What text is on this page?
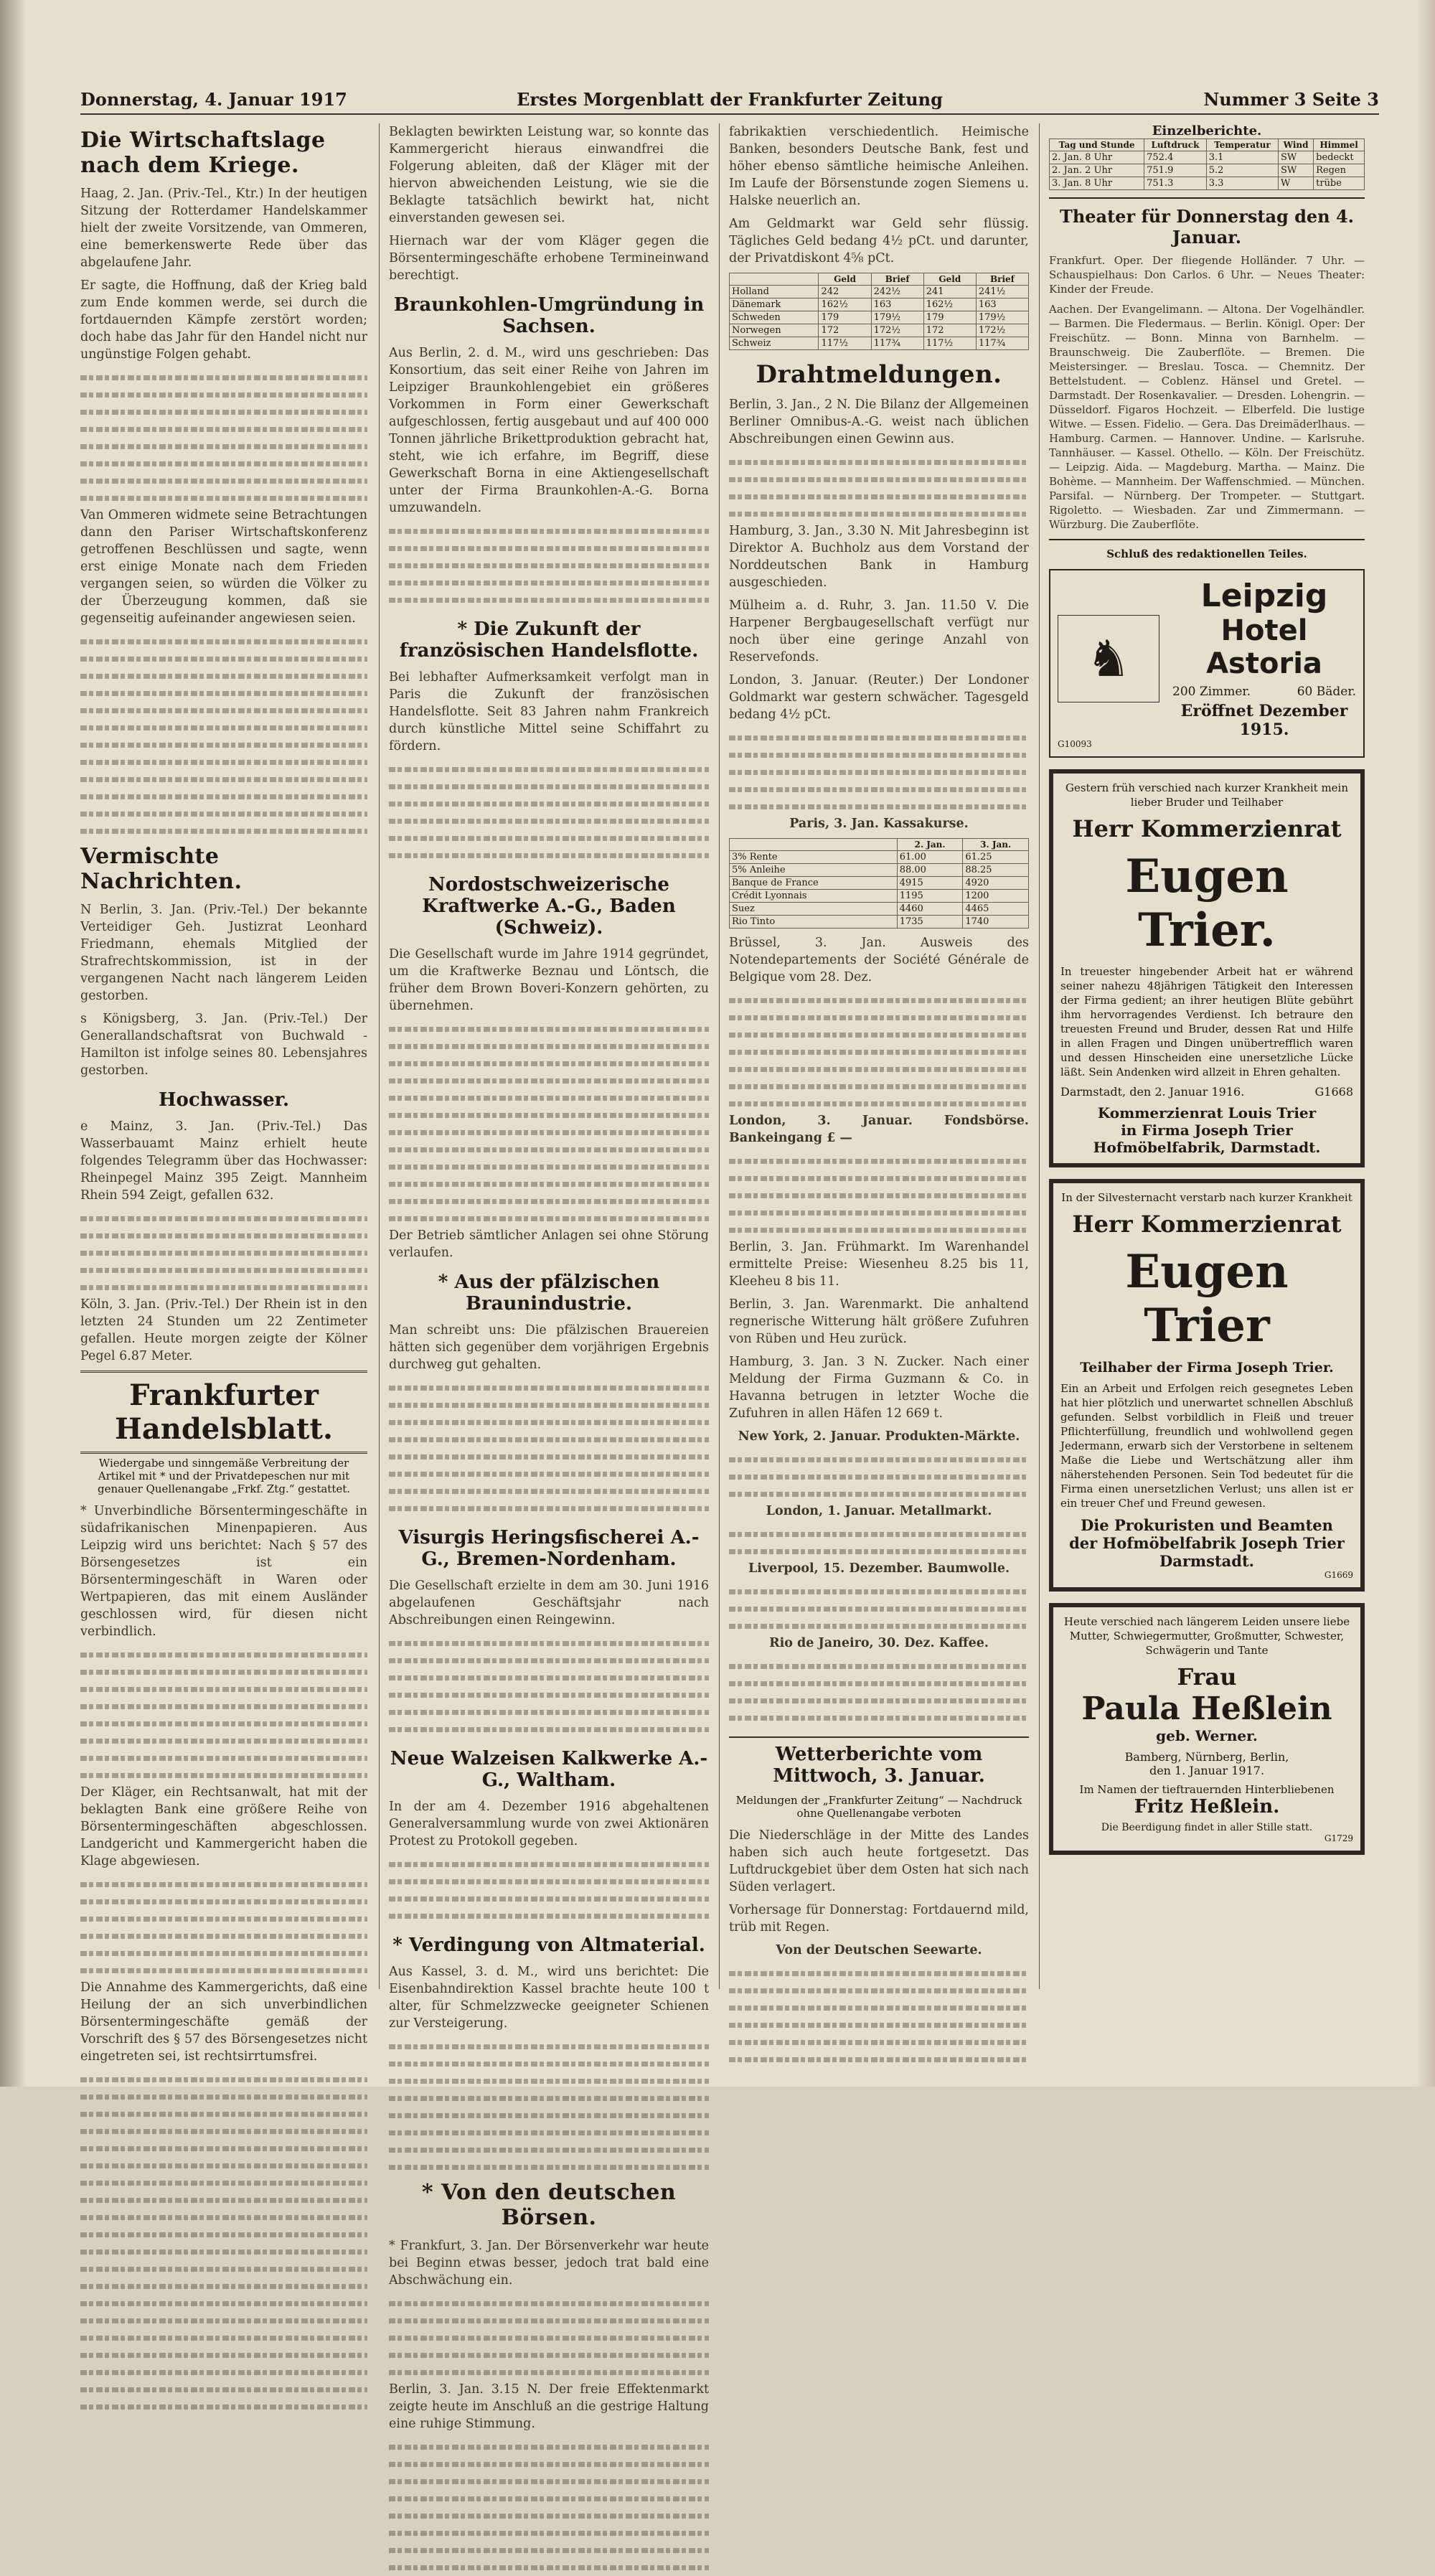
Donnerstag, 4. Januar 1917	Erstes Morgenblatt der Frankfurter Zeitung	Nummer 3 Seite 3
Die Wirtschaftslage nach dem Kriege.

Haag, 2. Jan. (Priv.-Tel., Ktr.) In der heutigen Sitzung der Rotterdamer Handelskammer hielt der zweite Vorsitzende, van Ommeren, eine bemerkenswerte Rede über das abgelaufene Jahr.

Er sagte, die Hoffnung, daß der Krieg bald zum Ende kommen werde, sei durch die fortdauernden Kämpfe zerstört worden; doch habe das Jahr für den Handel nicht nur ungünstige Folgen gehabt.

Van Ommeren widmete seine Betrachtungen dann den Pariser Wirtschaftskonferenz getroffenen Beschlüssen und sagte, wenn erst einige Monate nach dem Frieden vergangen seien, so würden die Völker zu der Überzeugung kommen, daß sie gegenseitig aufeinander angewiesen seien.

Vermischte Nachrichten.

N Berlin, 3. Jan. (Priv.-Tel.) Der bekannte Verteidiger Geh. Justizrat Leonhard Friedmann, ehemals Mitglied der Strafrechtskommission, ist in der vergangenen Nacht nach längerem Leiden gestorben.

s Königsberg, 3. Jan. (Priv.-Tel.) Der Generallandschaftsrat von Buchwald - Hamilton ist infolge seines 80. Lebensjahres gestorben.

Hochwasser.

e Mainz, 3. Jan. (Priv.-Tel.) Das Wasserbauamt Mainz erhielt heute folgendes Telegramm über das Hochwasser: Rheinpegel Mainz 395 Zeigt. Mannheim Rhein 594 Zeigt, gefallen 632.

Köln, 3. Jan. (Priv.-Tel.) Der Rhein ist in den letzten 24 Stunden um 22 Zentimeter gefallen. Heute morgen zeigte der Kölner Pegel 6.87 Meter.

Frankfurter Handelsblatt.
Wiedergabe und sinngemäße Verbreitung der Artikel mit * und der Privatdepeschen nur mit genauer Quellenangabe „Frkf. Ztg.“ gestattet.

* Unverbindliche Börsentermingeschäfte in südafrikanischen Minenpapieren. Aus Leipzig wird uns berichtet: Nach § 57 des Börsengesetzes ist ein Börsentermingeschäft in Waren oder Wertpapieren, das mit einem Ausländer geschlossen wird, für diesen nicht verbindlich.

Der Kläger, ein Rechtsanwalt, hat mit der beklagten Bank eine größere Reihe von Börsentermingeschäften abgeschlossen. Landgericht und Kammergericht haben die Klage abgewiesen.

Die Annahme des Kammergerichts, daß eine Heilung der an sich unverbindlichen Börsentermingeschäfte gemäß der Vorschrift des § 57 des Börsengesetzes nicht eingetreten sei, ist rechtsirrtumsfrei.

Beklagten bewirkten Leistung war, so konnte das Kammergericht hieraus einwandfrei die Folgerung ableiten, daß der Kläger mit der hiervon abweichenden Leistung, wie sie die Beklagte tatsächlich bewirkt hat, nicht einverstanden gewesen sei.

Hiernach war der vom Kläger gegen die Börsentermingeschäfte erhobene Termineinwand berechtigt.

Braunkohlen-Umgründung in Sachsen.

Aus Berlin, 2. d. M., wird uns geschrieben: Das Konsortium, das seit einer Reihe von Jahren im Leipziger Braunkohlengebiet ein größeres Vorkommen in Form einer Gewerkschaft aufgeschlossen, fertig ausgebaut und auf 400 000 Tonnen jährliche Brikettproduktion gebracht hat, steht, wie ich erfahre, im Begriff, diese Gewerkschaft Borna in eine Aktiengesellschaft unter der Firma Braunkohlen-A.-G. Borna umzuwandeln.

* Die Zukunft der französischen Handelsflotte.

Bei lebhafter Aufmerksamkeit verfolgt man in Paris die Zukunft der französischen Handelsflotte. Seit 83 Jahren nahm Frankreich durch künstliche Mittel seine Schiffahrt zu fördern.

Nordostschweizerische Kraftwerke A.-G., Baden (Schweiz).

Die Gesellschaft wurde im Jahre 1914 gegründet, um die Kraftwerke Beznau und Löntsch, die früher dem Brown Boveri-Konzern gehörten, zu übernehmen.

Der Betrieb sämtlicher Anlagen sei ohne Störung verlaufen.

* Aus der pfälzischen Braunindustrie.

Man schreibt uns: Die pfälzischen Brauereien hätten sich gegenüber dem vorjährigen Ergebnis durchweg gut gehalten.

Visurgis Heringsfischerei A.-G., Bremen-Nordenham.

Die Gesellschaft erzielte in dem am 30. Juni 1916 abgelaufenen Geschäftsjahr nach Abschreibungen einen Reingewinn.

Neue Walzeisen Kalkwerke A.-G., Waltham.

In der am 4. Dezember 1916 abgehaltenen Generalversammlung wurde von zwei Aktionären Protest zu Protokoll gegeben.

* Verdingung von Altmaterial.

Aus Kassel, 3. d. M., wird uns berichtet: Die Eisenbahndirektion Kassel brachte heute 100 t alter, für Schmelzzwecke geeigneter Schienen zur Versteigerung.

* Von den deutschen Börsen.

* Frankfurt, 3. Jan. Der Börsenverkehr war heute bei Beginn etwas besser, jedoch trat bald eine Abschwächung ein.

Berlin, 3. Jan. 3.15 N. Der freie Effektenmarkt zeigte heute im Anschluß an die gestrige Haltung eine ruhige Stimmung.

fabrikaktien verschiedentlich. Heimische Banken, besonders Deutsche Bank, fest und höher ebenso sämtliche heimische Anleihen. Im Laufe der Börsenstunde zogen Siemens u. Halske neuerlich an.

Am Geldmarkt war Geld sehr flüssig. Tägliches Geld bedang 4½ pCt. und darunter, der Privatdiskont 4⅝ pCt.

	Geld	Brief	Geld	Brief
Holland	242	242½	241	241½
Dänemark	162½	163	162½	163
Schweden	179	179½	179	179½
Norwegen	172	172½	172	172½
Schweiz	117½	117¾	117½	117¾
Drahtmeldungen.

Berlin, 3. Jan., 2 N. Die Bilanz der Allgemeinen Berliner Omnibus-A.-G. weist nach üblichen Abschreibungen einen Gewinn aus.

Hamburg, 3. Jan., 3.30 N. Mit Jahresbeginn ist Direktor A. Buchholz aus dem Vorstand der Norddeutschen Bank in Hamburg ausgeschieden.

Mülheim a. d. Ruhr, 3. Jan. 11.50 V. Die Harpener Bergbaugesellschaft verfügt nur noch über eine geringe Anzahl von Reservefonds.

London, 3. Januar. (Reuter.) Der Londoner Goldmarkt war gestern schwächer. Tagesgeld bedang 4½ pCt.

Paris, 3. Jan. Kassakurse.

	2. Jan.	3. Jan.
3% Rente	61.00	61.25
5% Anleihe	88.00	88.25
Banque de France	4915	4920
Crédit Lyonnais	1195	1200
Suez	4460	4465
Rio Tinto	1735	1740

Brüssel, 3. Jan. Ausweis des Notendepartements der Société Générale de Belgique vom 28. Dez.

London, 3. Januar. Fondsbörse. Bankeingang £ —

Berlin, 3. Jan. Frühmarkt. Im Warenhandel ermittelte Preise: Wiesenheu 8.25 bis 11, Kleeheu 8 bis 11.

Berlin, 3. Jan. Warenmarkt. Die anhaltend regnerische Witterung hält größere Zufuhren von Rüben und Heu zurück.

Hamburg, 3. Jan. 3 N. Zucker. Nach einer Meldung der Firma Guzmann & Co. in Havanna betrugen in letzter Woche die Zufuhren in allen Häfen 12 669 t.

New York, 2. Januar. Produkten-Märkte.

London, 1. Januar. Metallmarkt.

Liverpool, 15. Dezember. Baumwolle.

Rio de Janeiro, 30. Dez. Kaffee.

Wetterberichte vom Mittwoch, 3. Januar.
Meldungen der „Frankfurter Zeitung“ — Nachdruck ohne Quellenangabe verboten

Die Niederschläge in der Mitte des Landes haben sich auch heute fortgesetzt. Das Luftdruckgebiet über dem Osten hat sich nach Süden verlagert.

Vorhersage für Donnerstag: Fortdauernd mild, trüb mit Regen.

Von der Deutschen Seewarte.

Einzelberichte.
Tag und Stunde	Luftdruck	Temperatur	Wind	Himmel
2. Jan. 8 Uhr	752.4	3.1	SW	bedeckt
2. Jan. 2 Uhr	751.9	5.2	SW	Regen
3. Jan. 8 Uhr	751.3	3.3	W	trübe
Theater für Donnerstag den 4. Januar.

Frankfurt. Oper. Der fliegende Holländer. 7 Uhr. — Schauspielhaus: Don Carlos. 6 Uhr. — Neues Theater: Kinder der Freude.

Aachen. Der Evangelimann. — Altona. Der Vogelhändler. — Barmen. Die Fledermaus. — Berlin. Königl. Oper: Der Freischütz. — Bonn. Minna von Barnhelm. — Braunschweig. Die Zauberflöte. — Bremen. Die Meistersinger. — Breslau. Tosca. — Chemnitz. Der Bettelstudent. — Coblenz. Hänsel und Gretel. — Darmstadt. Der Rosenkavalier. — Dresden. Lohengrin. — Düsseldorf. Figaros Hochzeit. — Elberfeld. Die lustige Witwe. — Essen. Fidelio. — Gera. Das Dreimäderlhaus. — Hamburg. Carmen. — Hannover. Undine. — Karlsruhe. Tannhäuser. — Kassel. Othello. — Köln. Der Freischütz. — Leipzig. Aida. — Magdeburg. Martha. — Mainz. Die Bohème. — Mannheim. Der Waffenschmied. — München. Parsifal. — Nürnberg. Der Trompeter. — Stuttgart. Rigoletto. — Wiesbaden. Zar und Zimmermann. — Würzburg. Die Zauberflöte.

Schluß des redaktionellen Teiles.
♞
Leipzig
Hotel Astoria
200 Zimmer.	60 Bäder.
Eröffnet Dezember 1915.
G10093

Gestern früh verschied nach kurzer Krankheit mein lieber Bruder und Teilhaber

Herr Kommerzienrat
Eugen Trier.

In treuester hingebender Arbeit hat er während seiner nahezu 48jährigen Tätigkeit den Interessen der Firma gedient; an ihrer heutigen Blüte gebührt ihm hervorragendes Verdienst. Ich betraure den treuesten Freund und Bruder, dessen Rat und Hilfe in allen Fragen und Dingen unübertrefflich waren und dessen Hinscheiden eine unersetzliche Lücke läßt. Sein Andenken wird allzeit in Ehren gehalten.

Darmstadt, den 2. Januar 1916.	G1668
Kommerzienrat Louis Trier
in Firma Joseph Trier
Hofmöbelfabrik, Darmstadt.

In der Silvesternacht verstarb nach kurzer Krankheit

Herr Kommerzienrat
Eugen Trier
Teilhaber der Firma Joseph Trier.

Ein an Arbeit und Erfolgen reich gesegnetes Leben hat hier plötzlich und unerwartet schnellen Abschluß gefunden. Selbst vorbildlich in Fleiß und treuer Pflichterfüllung, freundlich und wohlwollend gegen Jedermann, erwarb sich der Verstorbene in seltenem Maße die Liebe und Wertschätzung aller ihm näherstehenden Personen. Sein Tod bedeutet für die Firma einen unersetzlichen Verlust; uns allen ist er ein treuer Chef und Freund gewesen.

Die Prokuristen und Beamten
der Hofmöbelfabrik Joseph Trier
Darmstadt.
G1669

Heute verschied nach längerem Leiden unsere liebe Mutter, Schwiegermutter, Großmutter, Schwester, Schwägerin und Tante

Frau
Paula Heßlein
geb. Werner.
Bamberg, Nürnberg, Berlin,
den 1. Januar 1917.
Im Namen der tieftrauernden Hinterbliebenen
Fritz Heßlein.
Die Beerdigung findet in aller Stille statt.
G1729
